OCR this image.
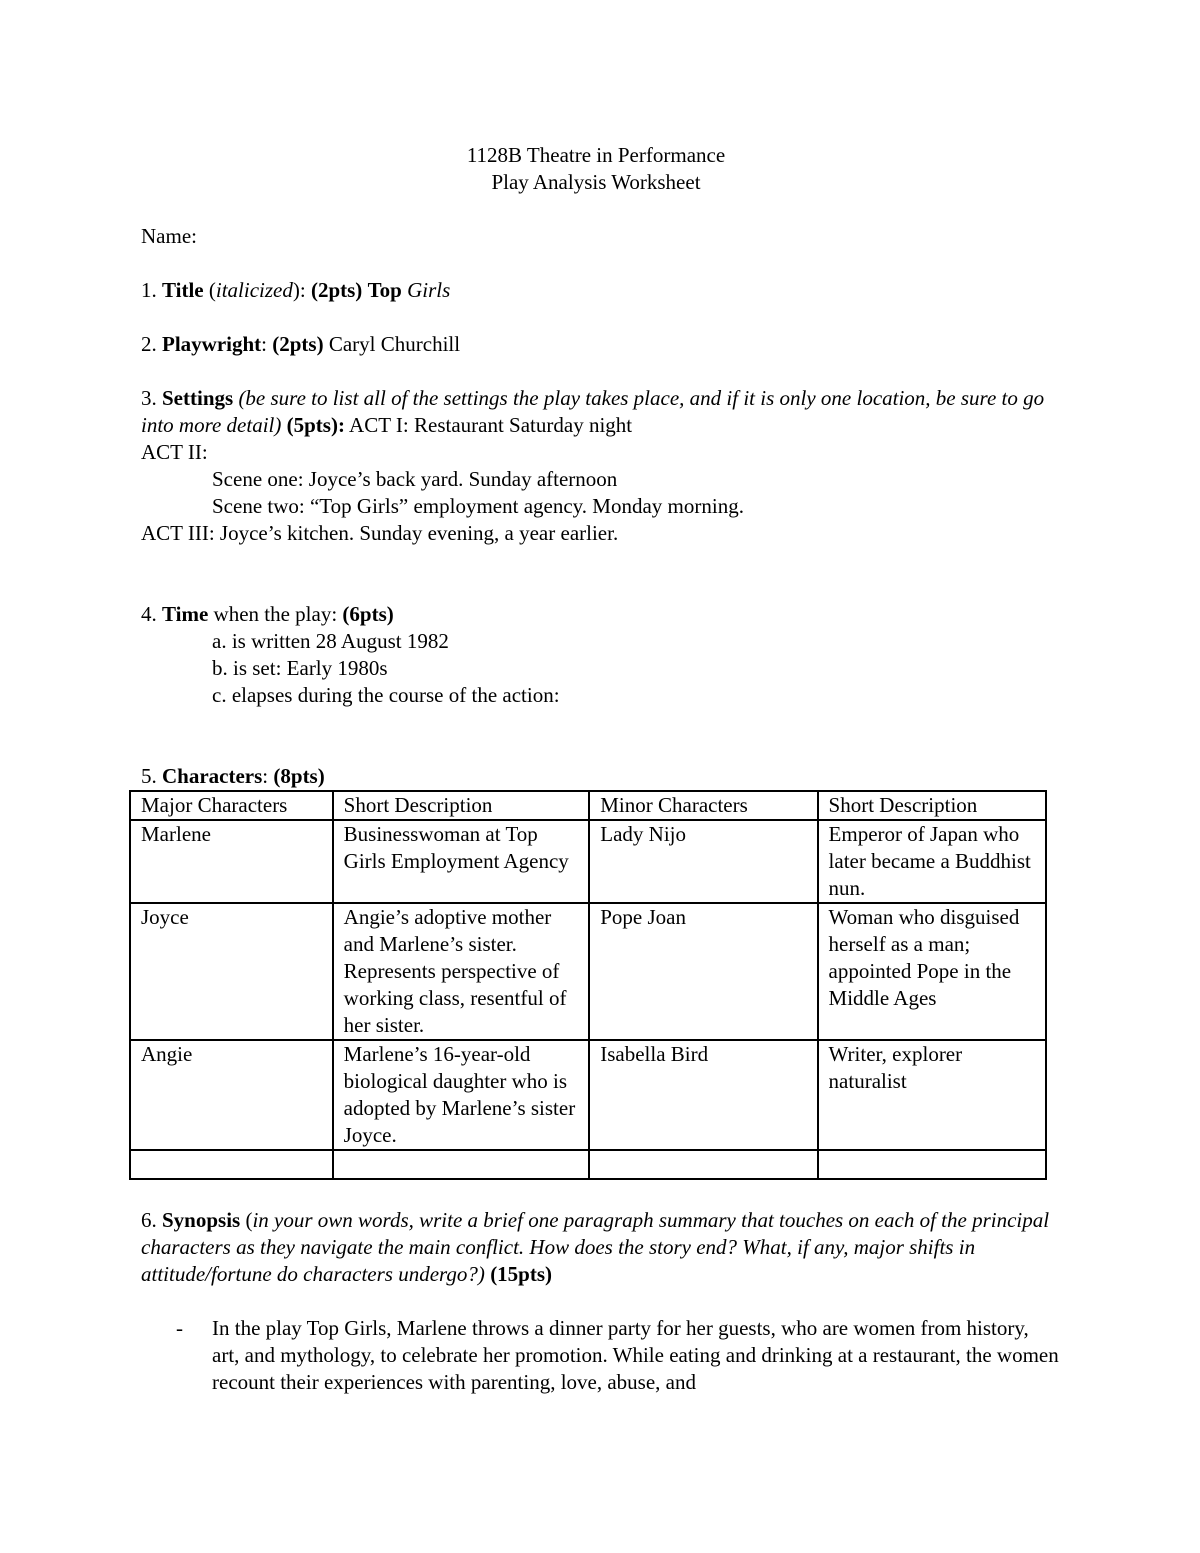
1128B Theatre in Performance
Play Analysis Worksheet
Name:
1. Title (italicized): (2pts) Top Girls
2. Playwright: (2pts) Caryl Churchill
3. Settings (be sure to list all of the settings the play takes place, and if it is only one location, be sure to go into more detail) (5pts): ACT I: Restaurant Saturday night
ACT II:
Scene one: Joyce’s back yard. Sunday afternoon
Scene two: “Top Girls” employment agency. Monday morning.
ACT III: Joyce’s kitchen. Sunday evening, a year earlier.
4. Time when the play: (6pts)
a. is written 28 August 1982
b. is set: Early 1980s
c. elapses during the course of the action:
5. Characters: (8pts)
Major Characters	Short Description	Minor Characters	Short Description
Marlene	Businesswoman at Top Girls Employment Agency	Lady Nijo	Emperor of Japan who later became a Buddhist nun.
Joyce	Angie’s adoptive mother and Marlene’s sister. Represents perspective of working class, resentful of her sister.	Pope Joan	Woman who disguised herself as a man; appointed Pope in the Middle Ages
Angie	Marlene’s 16-year-old biological daughter who is adopted by Marlene’s sister Joyce.	Isabella Bird	Writer, explorer naturalist

6. Synopsis (in your own words, write a brief one paragraph summary that touches on each of the principal characters as they navigate the main conflict. How does the story end? What, if any, major shifts in attitude/fortune do characters undergo?) (15pts)
-	In the play Top Girls, Marlene throws a dinner party for her guests, who are women from history, art, and mythology, to celebrate her promotion. While eating and drinking at a restaurant, the women recount their experiences with parenting, love, abuse, and
